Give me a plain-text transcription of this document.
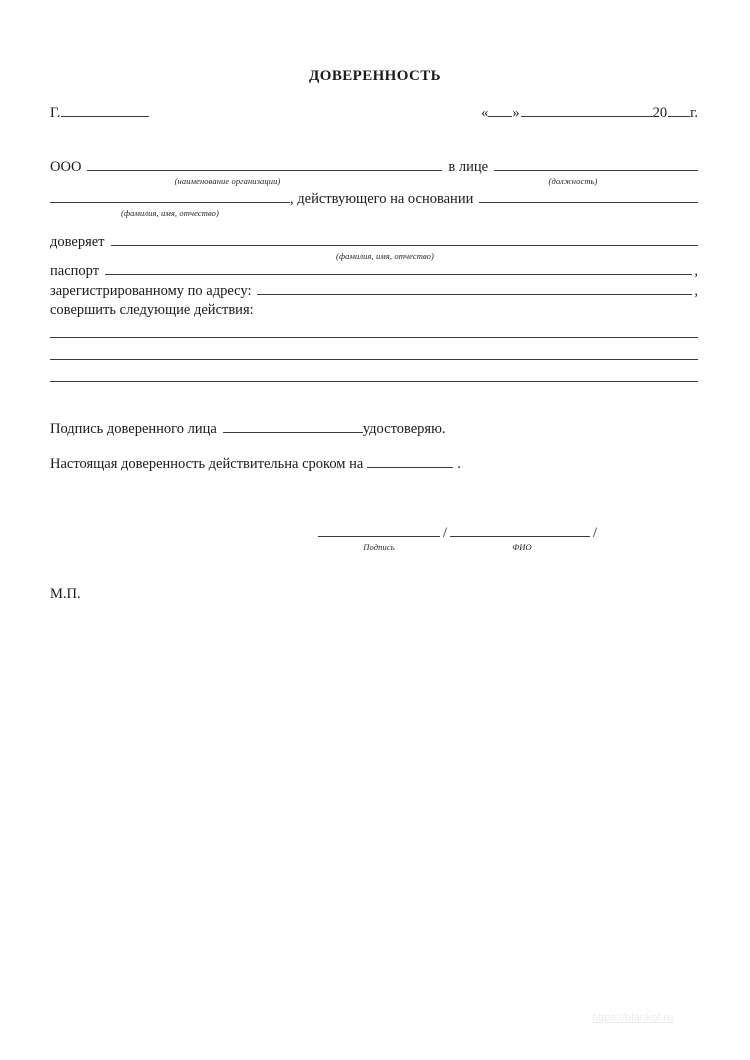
ДОВЕРЕННОСТЬ
Г.	« »	20 г.
ООО	в лице
(наименование организации)	(должность)
, действующего на основании
(фамилия, имя, отчество)
доверяет
(фамилия, имя, отчество)
паспорт	,
зарегистрированному по адресу:	,
совершить следующие действия:
Подпись доверенного лица	удостоверяю.
Настоящая доверенность действительна сроком на	.
/	/
Подпись	ФИО
М.П.
https://blankof.ru
